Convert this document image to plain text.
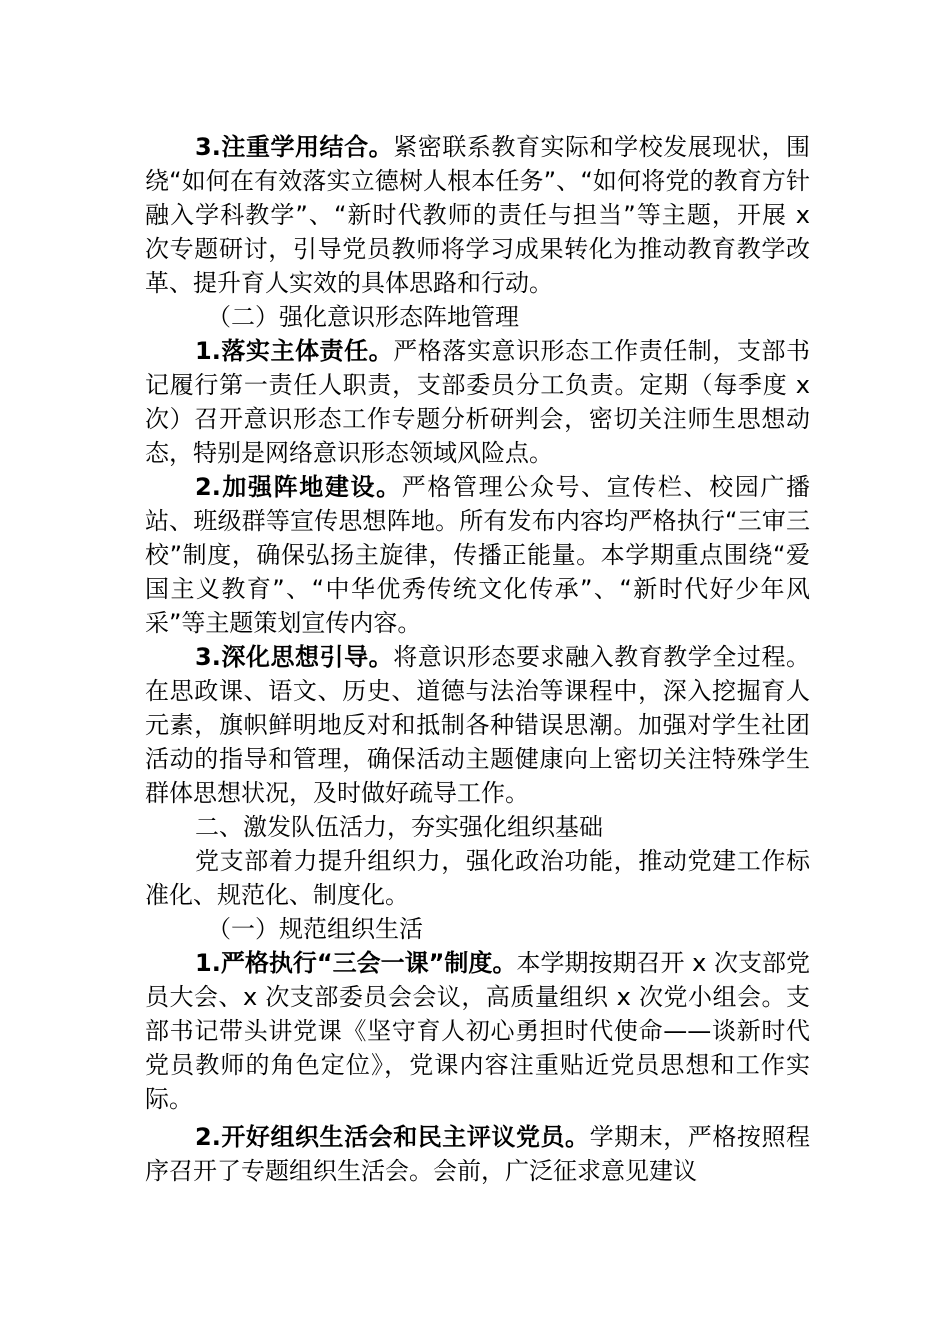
3.注重学用结合。紧密联系教育实际和学校发展现状，围绕“如何在有效落实立德树人根本任务”、“如何将党的教育方针融入学科教学”、“新时代教师的责任与担当”等主题，开展 x 次专题研讨，引导党员教师将学习成果转化为推动教育教学改革、提升育人实效的具体思路和行动。

（二）强化意识形态阵地管理

1.落实主体责任。严格落实意识形态工作责任制，支部书记履行第一责任人职责，支部委员分工负责。定期（每季度 x 次）召开意识形态工作专题分析研判会，密切关注师生思想动态，特别是网络意识形态领域风险点。

2.加强阵地建设。严格管理公众号、宣传栏、校园广播站、班级群等宣传思想阵地。所有发布内容均严格执行“三审三校”制度，确保弘扬主旋律，传播正能量。本学期重点围绕“爱国主义教育”、“中华优秀传统文化传承”、“新时代好少年风采”等主题策划宣传内容。

3.深化思想引导。将意识形态要求融入教育教学全过程。在思政课、语文、历史、道德与法治等课程中，深入挖掘育人元素，旗帜鲜明地反对和抵制各种错误思潮。加强对学生社团活动的指导和管理，确保活动主题健康向上密切关注特殊学生群体思想状况，及时做好疏导工作。

二、激发队伍活力，夯实强化组织基础

党支部着力提升组织力，强化政治功能，推动党建工作标准化、规范化、制度化。

（一）规范组织生活

1.严格执行“三会一课”制度。本学期按期召开 x 次支部党员大会、x 次支部委员会会议，高质量组织 x 次党小组会。支部书记带头讲党课《坚守育人初心勇担时代使命——谈新时代党员教师的角色定位》，党课内容注重贴近党员思想和工作实际。

2.开好组织生活会和民主评议党员。学期末，严格按照程序召开了专题组织生活会。会前，广泛征求意见建议
